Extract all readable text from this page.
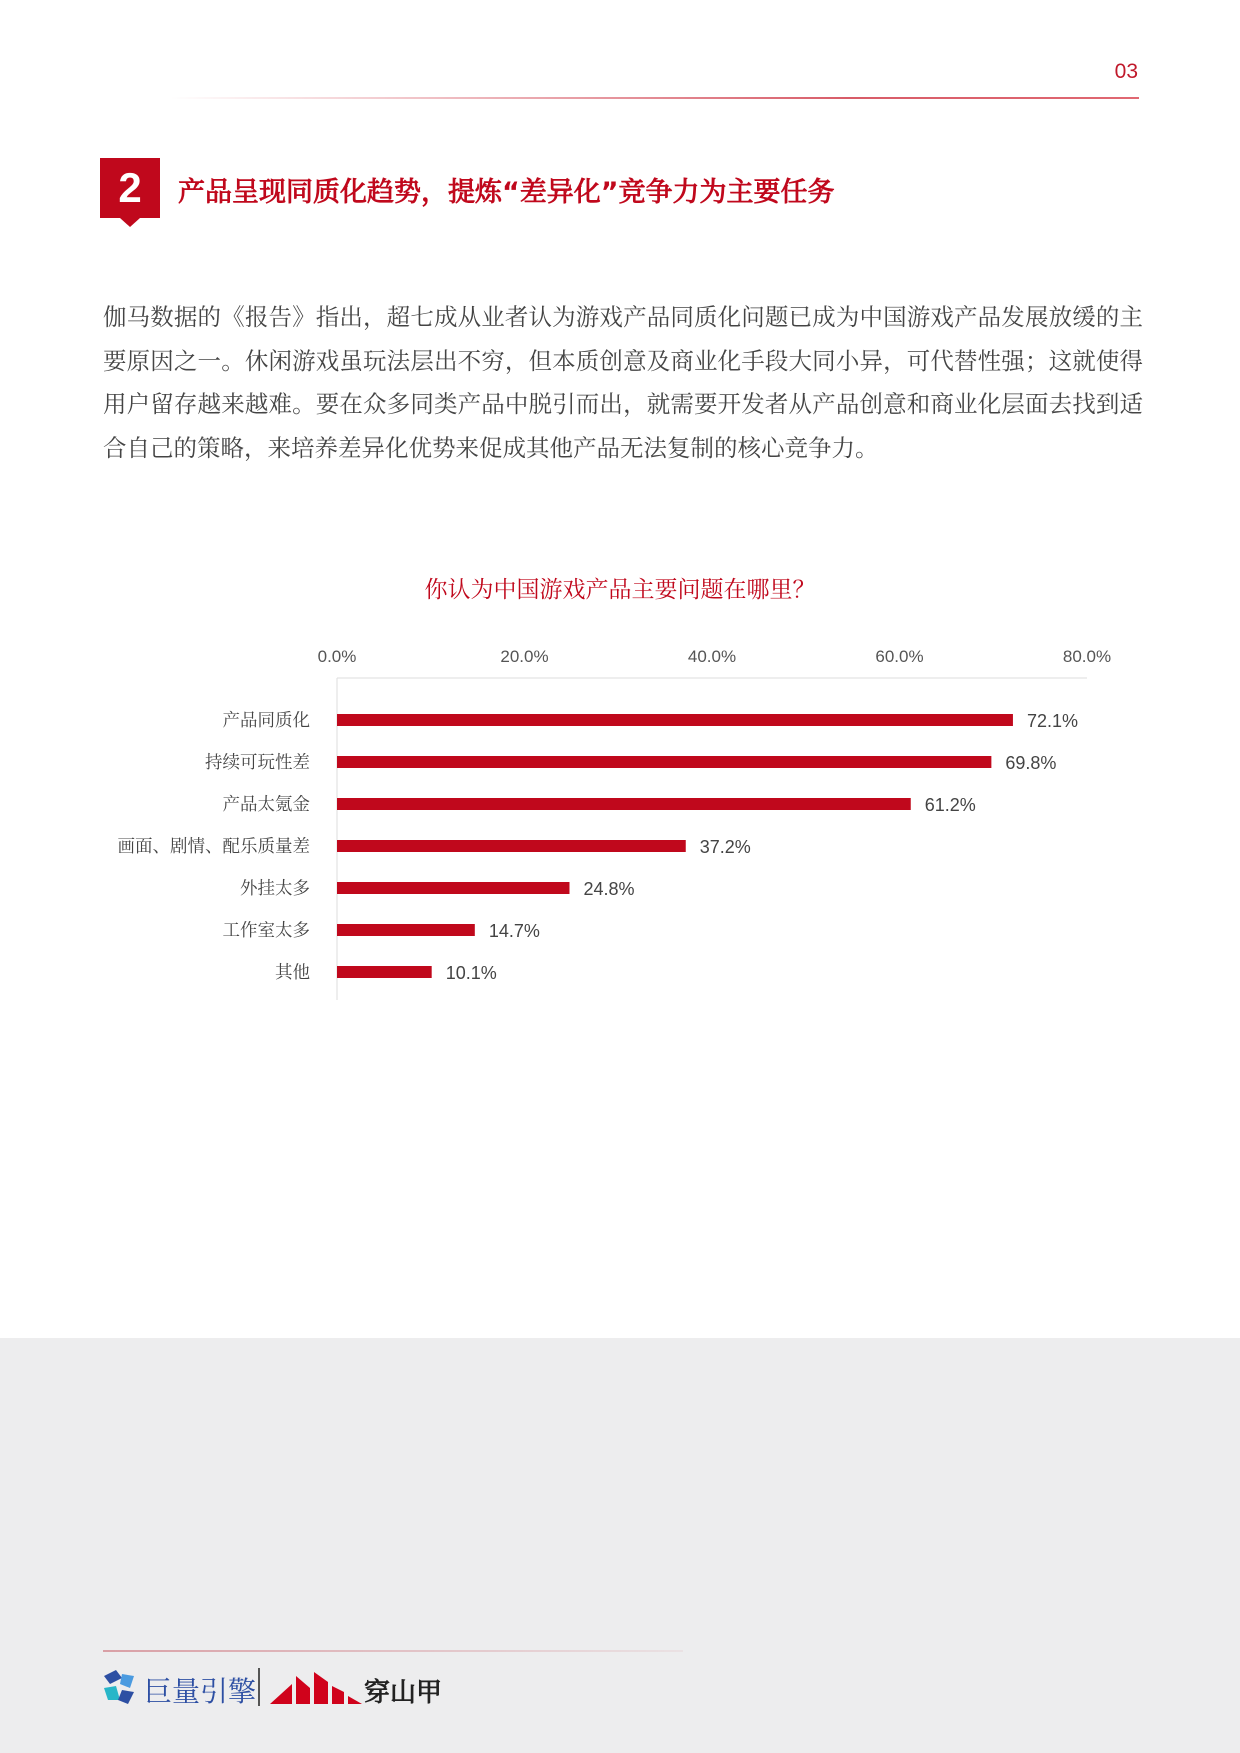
03
2	产品呈现同质化趋势，提炼“差异化”竞争力为主要任务

伽马数据的《报告》指出，超七成从业者认为游戏产品同质化问题已成为中国游戏产品发展放缓的主要原因之一。休闲游戏虽玩法层出不穷，但本质创意及商业化手段大同小异，可代替性强；这就使得用户留存越来越难。要在众多同类产品中脱引而出，就需要开发者从产品创意和商业化层面去找到适合自己的策略，来培养差异化优势来促成其他产品无法复制的核心竞争力。

你认为中国游戏产品主要问题在哪里？
0.0%	20.0%	40.0%	60.0%	80.0%
产品同质化	72.1%
持续可玩性差	69.8%
产品太氪金	61.2%
画面、剧情、配乐质量差	37.2%
外挂太多	24.8%
工作室太多	14.7%
其他	10.1%
巨量引擎	穿山甲
